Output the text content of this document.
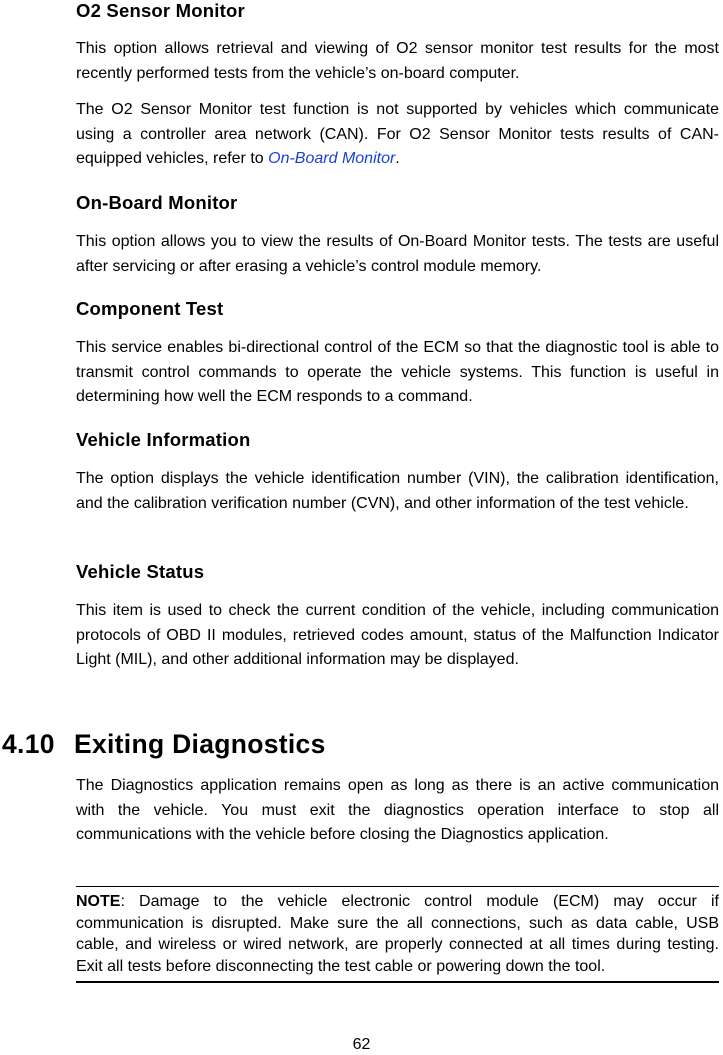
O2 Sensor Monitor

This option allows retrieval and viewing of O2 sensor monitor test results for the most recently performed tests from the vehicle’s on-board computer.

The O2 Sensor Monitor test function is not supported by vehicles which communicate using a controller area network (CAN). For O2 Sensor Monitor tests results of CAN-equipped vehicles, refer to On-Board Monitor.

On-Board Monitor

This option allows you to view the results of On-Board Monitor tests. The tests are useful after servicing or after erasing a vehicle’s control module memory.

Component Test

This service enables bi-directional control of the ECM so that the diagnostic tool is able to transmit control commands to operate the vehicle systems. This function is useful in determining how well the ECM responds to a command.

Vehicle Information

The option displays the vehicle identification number (VIN), the calibration identification, and the calibration verification number (CVN), and other information of the test vehicle.

Vehicle Status

This item is used to check the current condition of the vehicle, including communication protocols of OBD II modules, retrieved codes amount, status of the Malfunction Indicator Light (MIL), and other additional information may be displayed.

4.10 Exiting Diagnostics

The Diagnostics application remains open as long as there is an active communication with the vehicle. You must exit the diagnostics operation interface to stop all communications with the vehicle before closing the Diagnostics application.

NOTE: Damage to the vehicle electronic control module (ECM) may occur if communication is disrupted. Make sure the all connections, such as data cable, USB cable, and wireless or wired network, are properly connected at all times during testing. Exit all tests before disconnecting the test cable or powering down the tool.
62
